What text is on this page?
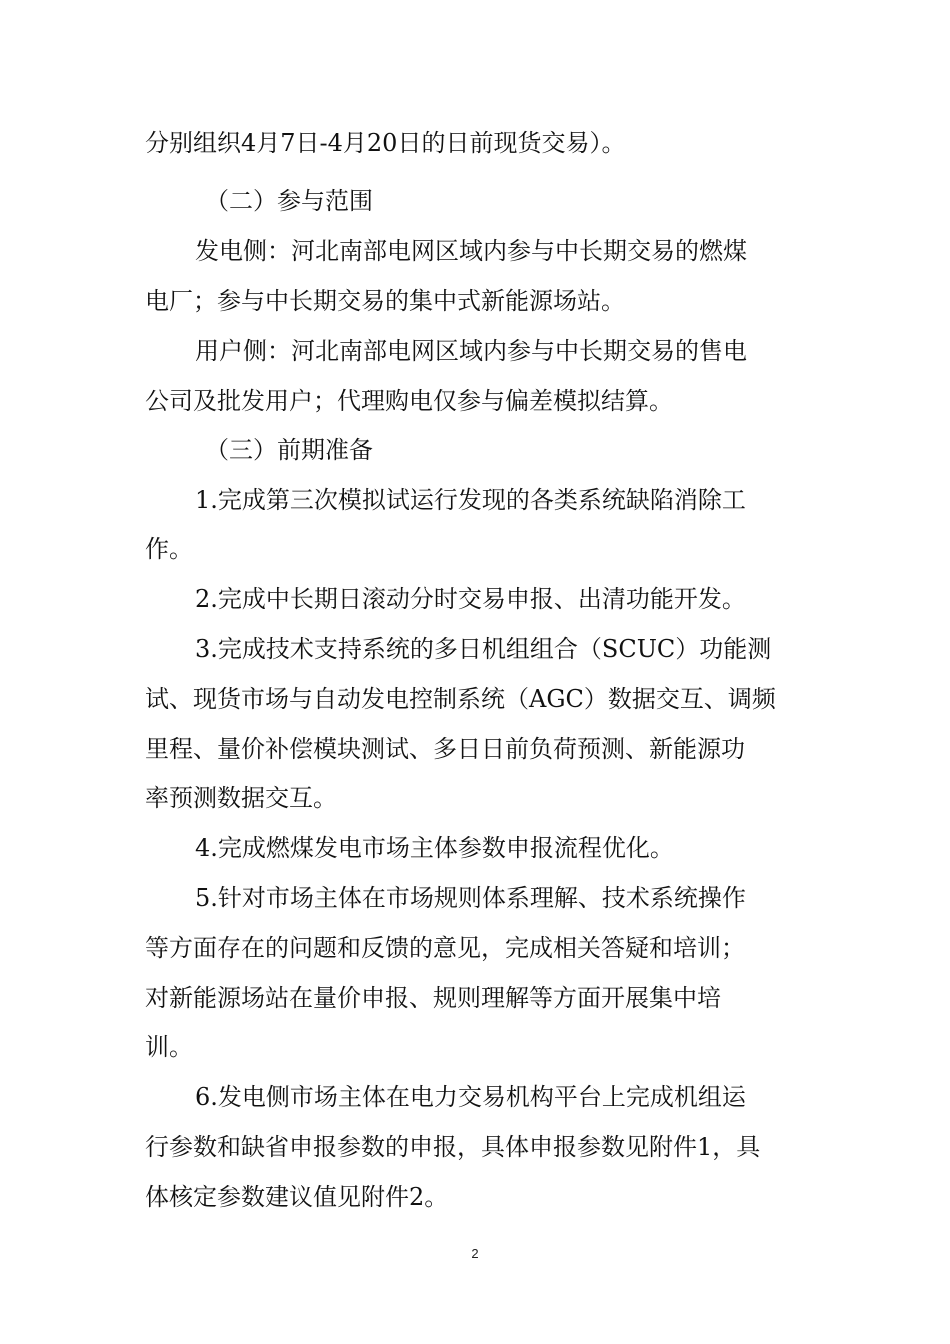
分别组织4月7日-4月20日的日前现货交易）。
（二）参与范围
发电侧：河北南部电网区域内参与中长期交易的燃煤
电厂；参与中长期交易的集中式新能源场站。
用户侧：河北南部电网区域内参与中长期交易的售电
公司及批发用户；代理购电仅参与偏差模拟结算。
（三）前期准备
1.完成第三次模拟试运行发现的各类系统缺陷消除工
作。
2.完成中长期日滚动分时交易申报、出清功能开发。
3.完成技术支持系统的多日机组组合（SCUC）功能测
试、现货市场与自动发电控制系统（AGC）数据交互、调频
里程、量价补偿模块测试、多日日前负荷预测、新能源功
率预测数据交互。
4.完成燃煤发电市场主体参数申报流程优化。
5.针对市场主体在市场规则体系理解、技术系统操作
等方面存在的问题和反馈的意见，完成相关答疑和培训；
对新能源场站在量价申报、规则理解等方面开展集中培
训。
6.发电侧市场主体在电力交易机构平台上完成机组运
行参数和缺省申报参数的申报，具体申报参数见附件1，具
体核定参数建议值见附件2。
2
